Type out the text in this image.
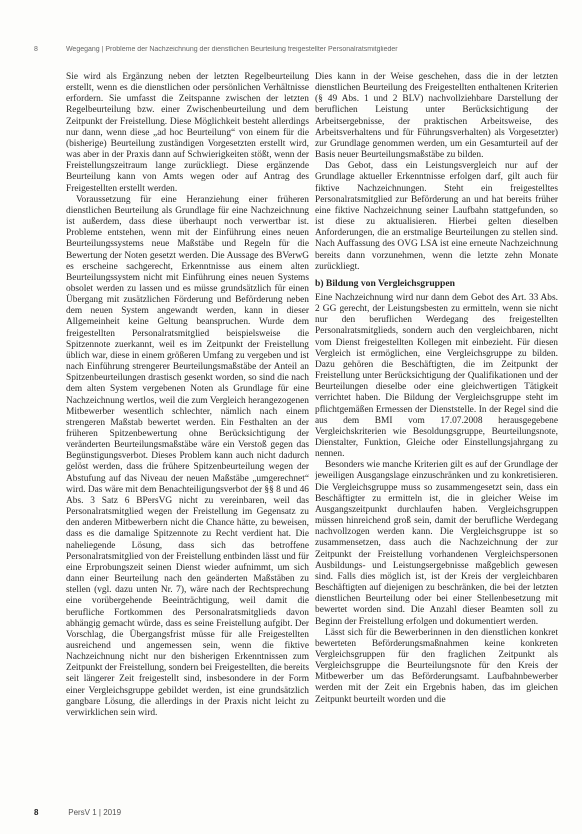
8	Wegegang | Probleme der Nachzeichnung der dienstlichen Beurteilung freigestellter Personalratsmitglieder

Sie wird als Ergänzung neben der letzten Regelbeurteilung erstellt, wenn es die dienstlichen oder persönlichen Verhältnisse erfordern. Sie umfasst die Zeitspanne zwischen der letzten Regelbeurteilung bzw. einer Zwischenbeurteilung und dem Zeitpunkt der Freistellung. Diese Möglichkeit besteht allerdings nur dann, wenn diese „ad hoc Beurteilung“ von einem für die (bisherige) Beurteilung zuständigen Vorgesetzten erstellt wird, was aber in der Praxis dann auf Schwierigkeiten stößt, wenn der Freistellungszeitraum lange zurückliegt. Diese ergänzende Beurteilung kann von Amts wegen oder auf Antrag des Freigestellten erstellt werden.

Voraussetzung für eine Heranziehung einer früheren dienstlichen Beurteilung als Grundlage für eine Nachzeichnung ist außerdem, dass diese überhaupt noch verwertbar ist. Probleme entstehen, wenn mit der Einführung eines neuen Beurteilungssystems neue Maßstäbe und Regeln für die Bewertung der Noten gesetzt werden. Die Aussage des BVerwG es erscheine sachgerecht, Erkenntnisse aus einem alten Beurteilungssystem nicht mit Einführung eines neuen Systems obsolet werden zu lassen und es müsse grundsätzlich für einen Übergang mit zusätzlichen Förderung und Beförderung neben dem neuen System angewandt werden, kann in dieser Allgemeinheit keine Geltung beanspruchen. Wurde dem freigestellten Personalratsmitglied beispielsweise die Spitzennote zuerkannt, weil es im Zeitpunkt der Freistellung üblich war, diese in einem größeren Umfang zu vergeben und ist nach Einführung strengerer Beurteilungsmaßstäbe der Anteil an Spitzenbeurteilungen drastisch gesenkt worden, so sind die nach dem alten System vergebenen Noten als Grundlage für eine Nachzeichnung wertlos, weil die zum Vergleich herangezogenen Mitbewerber wesentlich schlechter, nämlich nach einem strengeren Maßstab bewertet werden. Ein Festhalten an der früheren Spitzenbewertung ohne Berücksichtigung der veränderten Beurteilungsmaßstäbe wäre ein Verstoß gegen das Begünstigungsverbot. Dieses Problem kann auch nicht dadurch gelöst werden, dass die frühere Spitzenbeurteilung wegen der Abstufung auf das Niveau der neuen Maßstäbe „umgerechnet“ wird. Das wäre mit dem Benachteiligungsverbot der §§ 8 und 46 Abs. 3 Satz 6 BPersVG nicht zu vereinbaren, weil das Personalratsmitglied wegen der Freistellung im Gegensatz zu den anderen Mitbewerbern nicht die Chance hätte, zu beweisen, dass es die damalige Spitzennote zu Recht verdient hat. Die naheliegende Lösung, dass sich das betroffene Personalratsmitglied von der Freistellung entbinden lässt und für eine Erprobungszeit seinen Dienst wieder aufnimmt, um sich dann einer Beurteilung nach den geänderten Maßstäben zu stellen (vgl. dazu unten Nr. 7), wäre nach der Rechtsprechung eine vorübergehende Beeinträchtigung, weil damit die berufliche Fortkommen des Personalratsmitglieds davon abhängig gemacht würde, dass es seine Freistellung aufgibt. Der Vorschlag, die Übergangsfrist müsse für alle Freigestellten ausreichend und angemessen sein, wenn die fiktive Nachzeichnung nicht nur den bisherigen Erkenntnissen zum Zeitpunkt der Freistellung, sondern bei Freigestellten, die bereits seit längerer Zeit freigestellt sind, insbesondere in der Form einer Vergleichsgruppe gebildet werden, ist eine grundsätzlich gangbare Lösung, die allerdings in der Praxis nicht leicht zu verwirklichen sein wird.

Dies kann in der Weise geschehen, dass die in der letzten dienstlichen Beurteilung des Freigestellten enthaltenen Kriterien (§ 49 Abs. 1 und 2 BLV) nachvollziehbare Darstellung der beruflichen Leistung unter Berücksichtigung der Arbeitsergebnisse, der praktischen Arbeitsweise, des Arbeitsverhaltens und für Führungsverhalten) als Vorgesetzter) zur Grundlage genommen werden, um ein Gesamturteil auf der Basis neuer Beurteilungsmaßstäbe zu bilden.

Das Gebot, dass ein Leistungsvergleich nur auf der Grundlage aktueller Erkenntnisse erfolgen darf, gilt auch für fiktive Nachzeichnungen. Steht ein freigestelltes Personalratsmitglied zur Beförderung an und hat bereits früher eine fiktive Nachzeichnung seiner Laufbahn stattgefunden, so ist diese zu aktualisieren. Hierbei gelten dieselben Anforderungen, die an erstmalige Beurteilungen zu stellen sind. Nach Auffassung des OVG LSA ist eine erneute Nachzeichnung bereits dann vorzunehmen, wenn die letzte zehn Monate zurückliegt.

b) Bildung von Vergleichsgruppen

Eine Nachzeichnung wird nur dann dem Gebot des Art. 33 Abs. 2 GG gerecht, der Leistungsbesten zu ermitteln, wenn sie nicht nur den beruflichen Werdegang des freigestellten Personalratsmitglieds, sondern auch den vergleichbaren, nicht vom Dienst freigestellten Kollegen mit einbezieht. Für diesen Vergleich ist ermöglichen, eine Vergleichsgruppe zu bilden. Dazu gehören die Beschäftigten, die im Zeitpunkt der Freistellung unter Berücksichtigung der Qualifikationen und der Beurteilungen dieselbe oder eine gleichwertigen Tätigkeit verrichtet haben. Die Bildung der Vergleichsgruppe steht im pflichtgemäßen Ermessen der Dienststelle. In der Regel sind die aus dem BMI vom 17.07.2008 herausgegebene Vergleichskriterien wie Besoldungsgruppe, Beurteilungsnote, Dienstalter, Funktion, Gleiche oder Einstellungsjahrgang zu nennen.

Besonders wie manche Kriterien gilt es auf der Grundlage der jeweiligen Ausgangslage einzuschränken und zu konkretisieren. Die Vergleichsgruppe muss so zusammengesetzt sein, dass ein Beschäftigter zu ermitteln ist, die in gleicher Weise im Ausgangszeitpunkt durchlaufen haben. Vergleichsgruppen müssen hinreichend groß sein, damit der berufliche Werdegang nachvollzogen werden kann. Die Vergleichsgruppe ist so zusammensetzen, dass auch die Nachzeichnung der zur Zeitpunkt der Freistellung vorhandenen Vergleichspersonen Ausbildungs- und Leistungsergebnisse maßgeblich gewesen sind. Falls dies möglich ist, ist der Kreis der vergleichbaren Beschäftigten auf diejenigen zu beschränken, die bei der letzten dienstlichen Beurteilung oder bei einer Stellenbesetzung mit bewertet worden sind. Die Anzahl dieser Beamten soll zu Beginn der Freistellung erfolgen und dokumentiert werden.

Lässt sich für die Bewerberinnen in den dienstlichen konkret bewerteten Beförderungsmaßnahmen keine konkreten Vergleichsgruppen für den fraglichen Zeitpunkt als Vergleichsgruppe die Beurteilungsnote für den Kreis der Mitbewerber um das Beförderungsamt. Laufbahnbewerber werden mit der Zeit ein Ergebnis haben, das im gleichen Zeitpunkt beurteilt worden und die

8	PersV 1 | 2019
